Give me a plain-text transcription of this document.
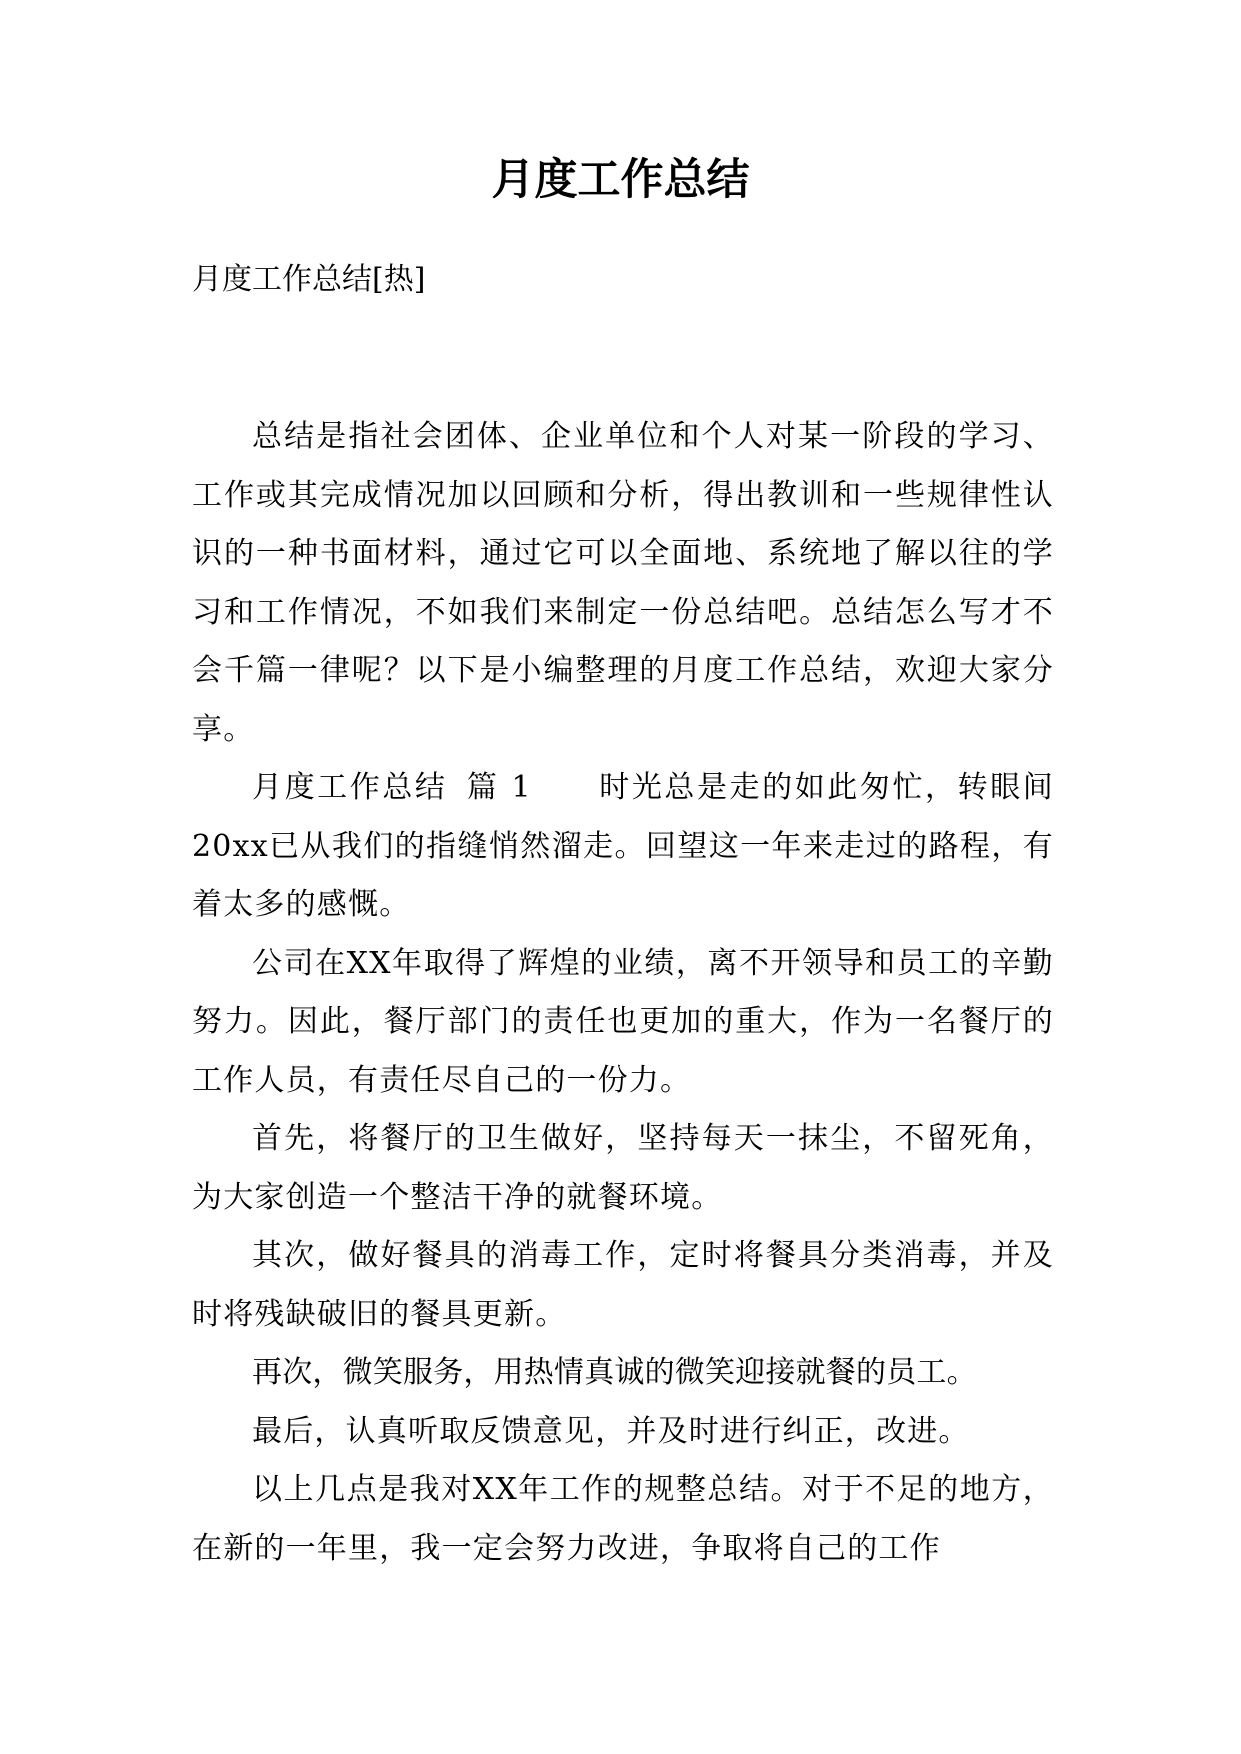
月度工作总结
月度工作总结[热]

总结是指社会团体、企业单位和个人对某一阶段的学习、工作或其完成情况加以回顾和分析，得出教训和一些规律性认识的一种书面材料，通过它可以全面地、系统地了解以往的学习和工作情况，不如我们来制定一份总结吧。总结怎么写才不会千篇一律呢？以下是小编整理的月度工作总结，欢迎大家分享。

月度工作总结 篇 1 时光总是走的如此匆忙，转眼间20xx已从我们的指缝悄然溜走。回望这一年来走过的路程，有着太多的感慨。

公司在XX年取得了辉煌的业绩，离不开领导和员工的辛勤努力。因此，餐厅部门的责任也更加的重大，作为一名餐厅的工作人员，有责任尽自己的一份力。

首先，将餐厅的卫生做好，坚持每天一抹尘，不留死角，为大家创造一个整洁干净的就餐环境。

其次，做好餐具的消毒工作，定时将餐具分类消毒，并及时将残缺破旧的餐具更新。

再次，微笑服务，用热情真诚的微笑迎接就餐的员工。

最后，认真听取反馈意见，并及时进行纠正，改进。

以上几点是我对XX年工作的规整总结。对于不足的地方，在新的一年里，我一定会努力改进，争取将自己的工作
